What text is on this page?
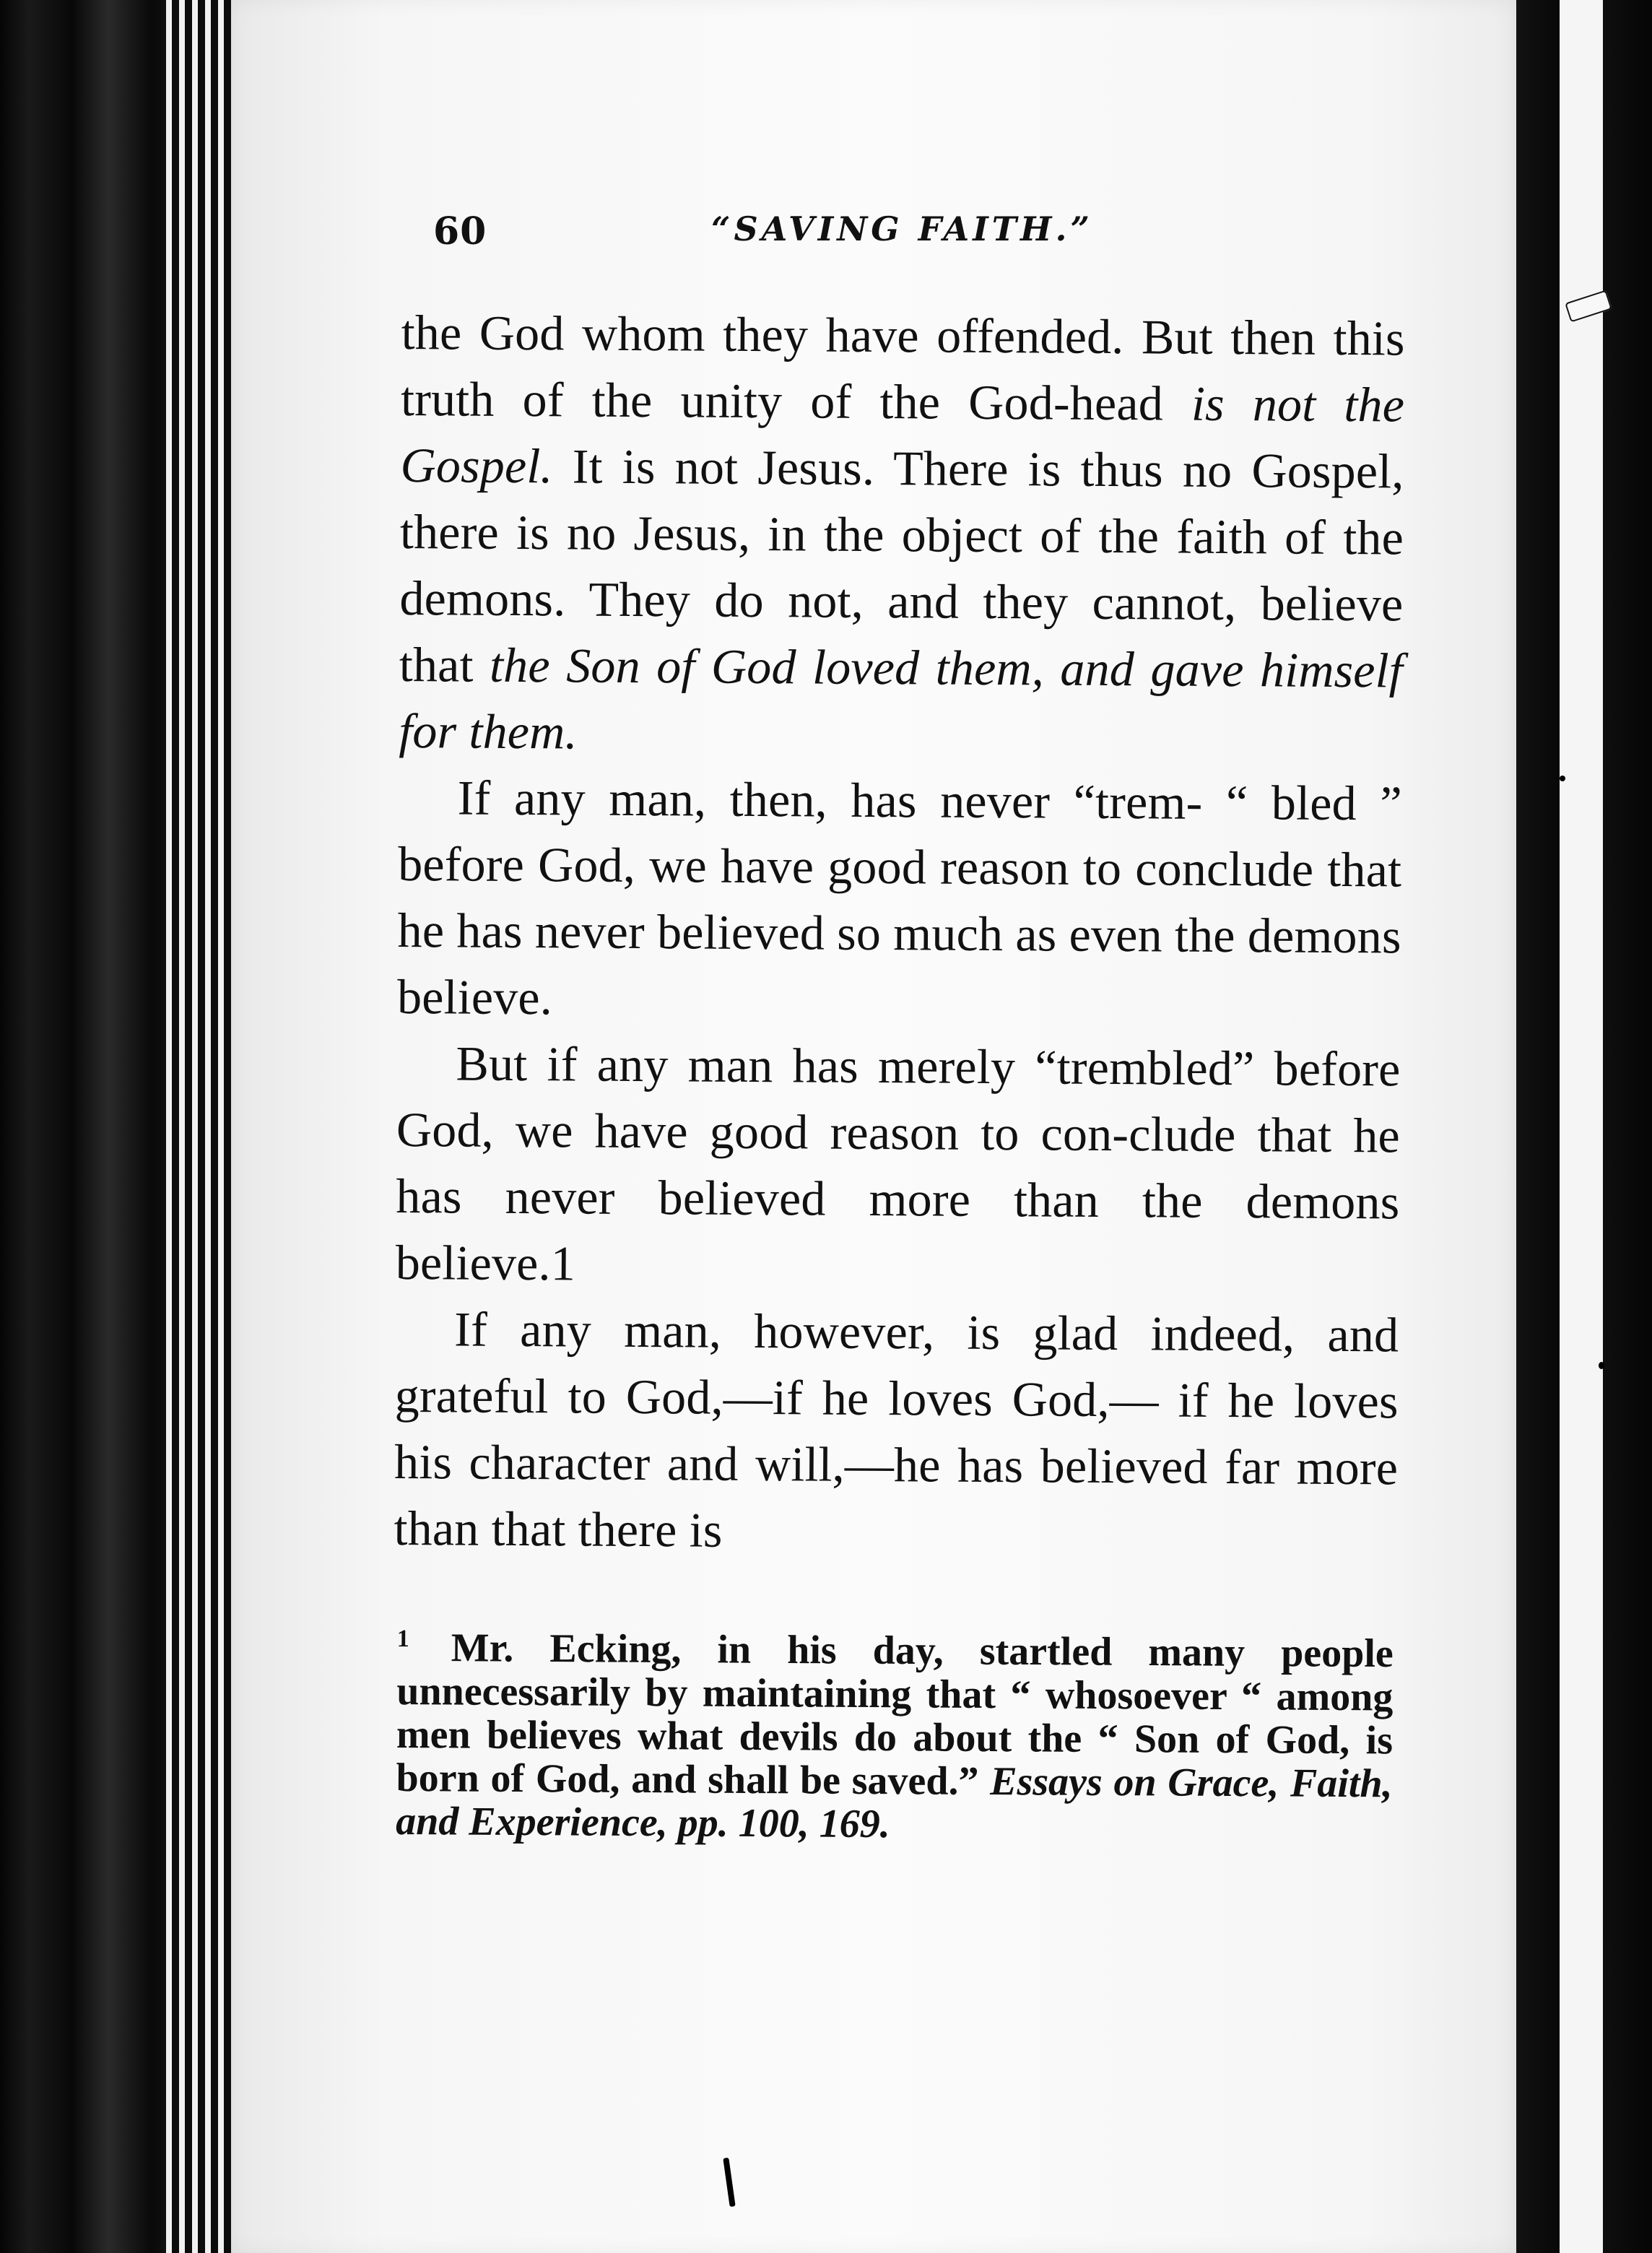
60	“SAVING FAITH.”

the God whom they have offended. But then this truth of the unity of the God-head is not the Gospel. It is not Jesus. There is thus no Gospel, there is no Jesus, in the object of the faith of the demons. They do not, and they cannot, believe that the Son of God loved them, and gave himself for them.

If any man, then, has never “trem- “ bled ” before God, we have good reason to conclude that he has never believed so much as even the demons believe.

But if any man has merely “trembled” before God, we have good reason to con-clude that he has never believed more than the demons believe.1

If any man, however, is glad indeed, and grateful to God,—if he loves God,— if he loves his character and will,—he has believed far more than that there is

$^1$ Mr. Ecking, in his day, startled many people unnecessarily by maintaining that “ whosoever “ among men believes what devils do about the “ Son of God, is born of God, and shall be saved.” Essays on Grace, Faith, and Experience, pp. 100, 169.
